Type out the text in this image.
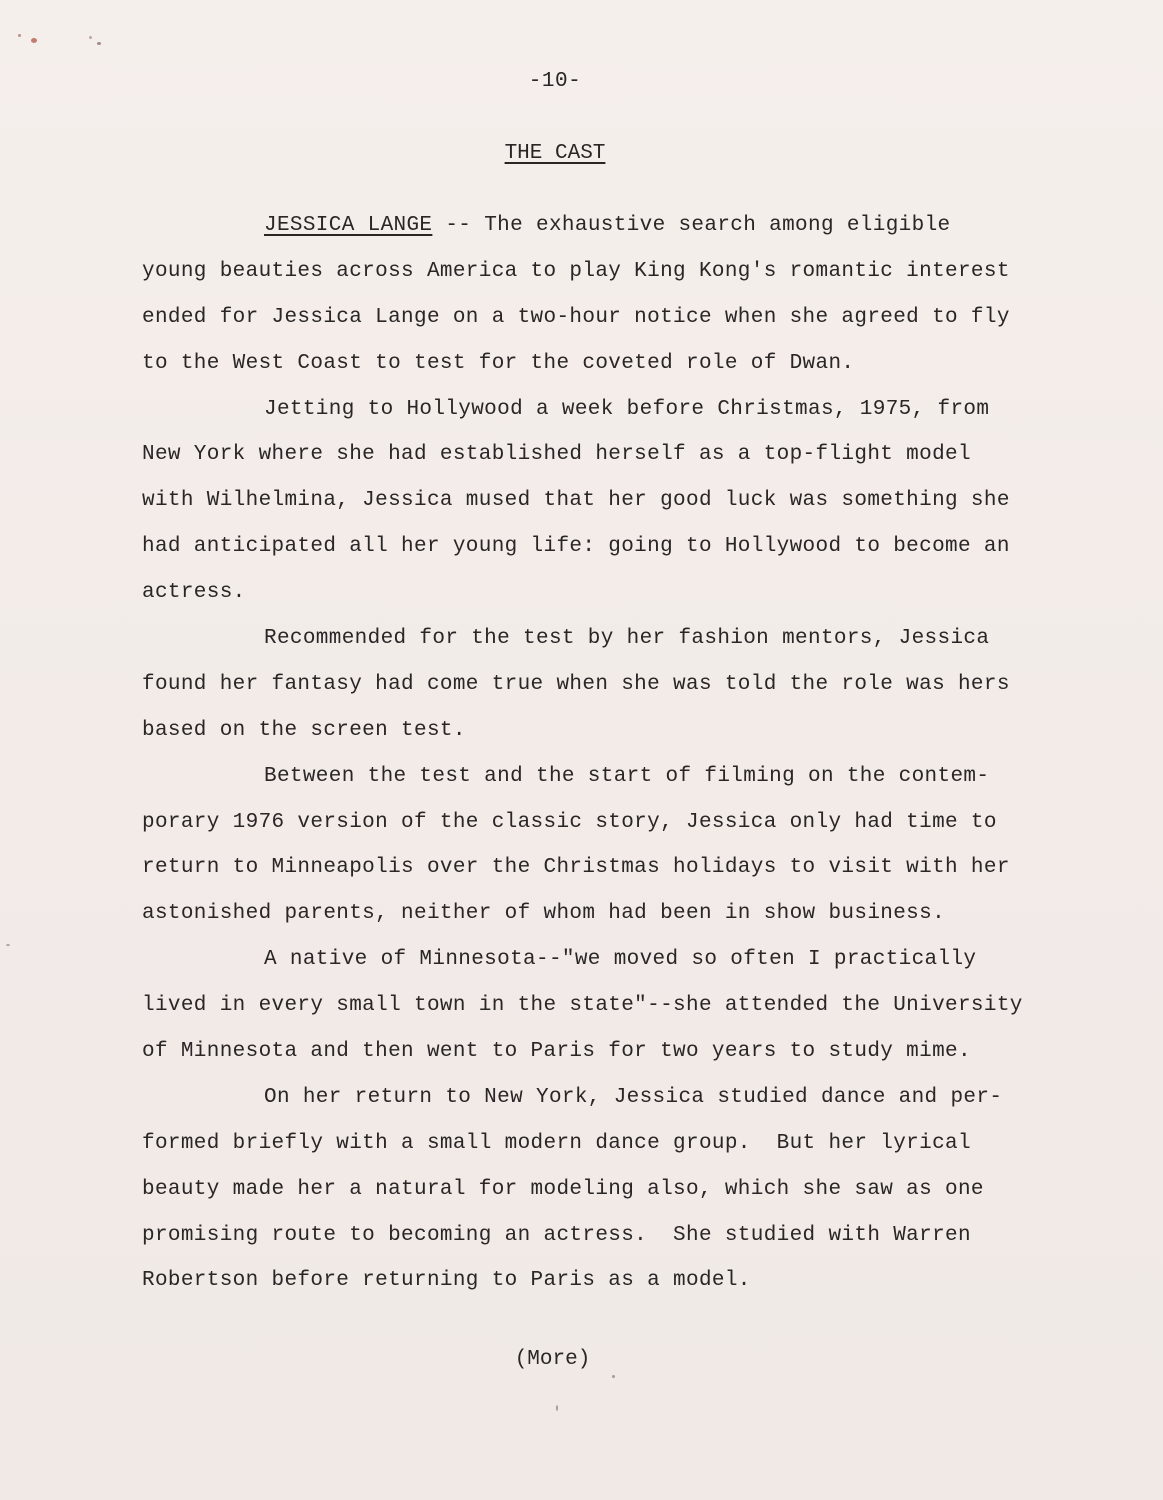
-10-
THE CAST
JESSICA LANGE -- The exhaustive search among eligible
young beauties across America to play King Kong's romantic interest
ended for Jessica Lange on a two-hour notice when she agreed to fly
to the West Coast to test for the coveted role of Dwan.
Jetting to Hollywood a week before Christmas, 1975, from
New York where she had established herself as a top-flight model
with Wilhelmina, Jessica mused that her good luck was something she
had anticipated all her young life: going to Hollywood to become an
actress.
Recommended for the test by her fashion mentors, Jessica
found her fantasy had come true when she was told the role was hers
based on the screen test.
Between the test and the start of filming on the contem-
porary 1976 version of the classic story, Jessica only had time to
return to Minneapolis over the Christmas holidays to visit with her
astonished parents, neither of whom had been in show business.
A native of Minnesota--"we moved so often I practically
lived in every small town in the state"--she attended the University
of Minnesota and then went to Paris for two years to study mime.
On her return to New York, Jessica studied dance and per-
formed briefly with a small modern dance group.  But her lyrical
beauty made her a natural for modeling also, which she saw as one
promising route to becoming an actress.  She studied with Warren
Robertson before returning to Paris as a model.
(More)
